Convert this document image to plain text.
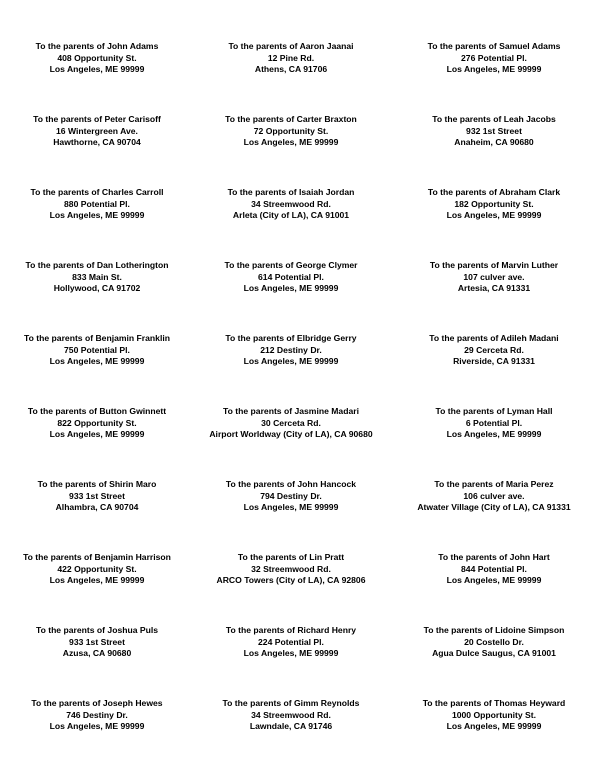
To the parents of John Adams
408 Opportunity St.
Los Angeles, ME 99999
To the parents of Aaron Jaanai
12 Pine Rd.
Athens, CA 91706
To the parents of Samuel Adams
276 Potential Pl.
Los Angeles, ME 99999
To the parents of Peter Carisoff
16 Wintergreen Ave.
Hawthorne, CA 90704
To the parents of Carter Braxton
72 Opportunity St.
Los Angeles, ME 99999
To the parents of Leah Jacobs
932 1st Street
Anaheim, CA 90680
To the parents of Charles Carroll
880 Potential Pl.
Los Angeles, ME 99999
To the parents of Isaiah Jordan
34 Streemwood Rd.
Arleta (City of LA), CA 91001
To the parents of Abraham Clark
182 Opportunity St.
Los Angeles, ME 99999
To the parents of Dan Lotherington
833 Main St.
Hollywood, CA 91702
To the parents of George Clymer
614 Potential Pl.
Los Angeles, ME 99999
To the parents of Marvin Luther
107 culver ave.
Artesia, CA 91331
To the parents of Benjamin Franklin
750 Potential Pl.
Los Angeles, ME 99999
To the parents of Elbridge Gerry
212 Destiny Dr.
Los Angeles, ME 99999
To the parents of Adileh Madani
29 Cerceta Rd.
Riverside, CA 91331
To the parents of Button Gwinnett
822 Opportunity St.
Los Angeles, ME 99999
To the parents of Jasmine Madari
30 Cerceta Rd.
Airport Worldway (City of LA), CA 90680
To the parents of Lyman Hall
6 Potential Pl.
Los Angeles, ME 99999
To the parents of Shirin Maro
933 1st Street
Alhambra, CA 90704
To the parents of John Hancock
794 Destiny Dr.
Los Angeles, ME 99999
To the parents of Maria Perez
106 culver ave.
Atwater Village (City of LA), CA 91331
To the parents of Benjamin Harrison
422 Opportunity St.
Los Angeles, ME 99999
To the parents of Lin Pratt
32 Streemwood Rd.
ARCO Towers (City of LA), CA 92806
To the parents of John Hart
844 Potential Pl.
Los Angeles, ME 99999
To the parents of Joshua Puls
933 1st Street
Azusa, CA 90680
To the parents of Richard Henry
224 Potential Pl.
Los Angeles, ME 99999
To the parents of Lidoine Simpson
20 Costello Dr.
Agua Dulce Saugus, CA 91001
To the parents of Joseph Hewes
746 Destiny Dr.
Los Angeles, ME 99999
To the parents of Gimm Reynolds
34 Streemwood Rd.
Lawndale, CA 91746
To the parents of Thomas Heyward
1000 Opportunity St.
Los Angeles, ME 99999
